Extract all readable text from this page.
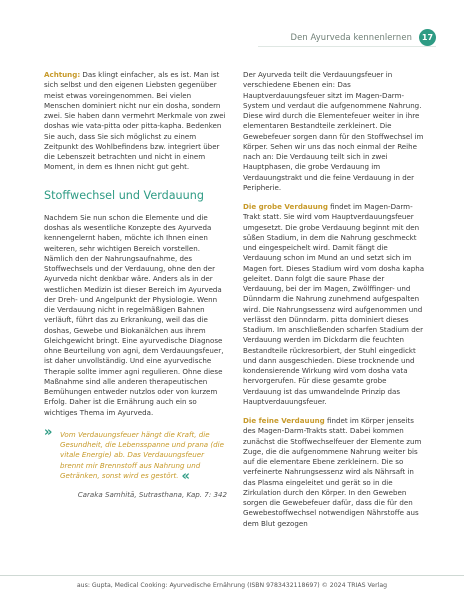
Den Ayurveda kennenlernen	17

Achtung: Das klingt einfacher, als es ist. Man ist sich selbst und den eigenen Liebsten gegenüber meist etwas voreingenommen. Bei vielen Menschen dominiert nicht nur ein dosha, sondern zwei. Sie haben dann vermehrt Merkmale von zwei doshas wie vata-pitta oder pitta-kapha. Bedenken Sie auch, dass Sie sich möglichst zu einem Zeitpunkt des Wohlbefindens bzw. integriert über die Lebenszeit betrachten und nicht in einem Moment, in dem es Ihnen nicht gut geht.

Stoffwechsel und Verdauung

Nachdem Sie nun schon die Elemente und die doshas als wesentliche Konzepte des Ayurveda kennengelernt haben, möchte ich Ihnen einen weiteren, sehr wichtigen Bereich vorstellen. Nämlich den der Nahrungsaufnahme, des Stoffwechsels und der Verdauung, ohne den der Ayurveda nicht denkbar wäre. Anders als in der westlichen Medizin ist dieser Bereich im Ayurveda der Dreh- und Angelpunkt der Physiologie. Wenn die Verdauung nicht in regelmäßigen Bahnen verläuft, führt das zu Erkrankung, weil das die doshas, Gewebe und Biokanälchen aus ihrem Gleichgewicht bringt. Eine ayurvedische Diagnose ohne Beurteilung von agni, dem Verdauungsfeuer, ist daher unvollständig. Und eine ayurvedische Therapie sollte immer agni regulieren. Ohne diese Maßnahme sind alle anderen therapeutischen Bemühungen entweder nutzlos oder von kurzem Erfolg. Daher ist die Ernährung auch ein so wichtiges Thema im Ayurveda.

» Vom Verdauungsfeuer hängt die Kraft, die Gesundheit, die Lebensspanne und prana (die vitale Energie) ab. Das Verdauungsfeuer brennt mir Brennstoff aus Nahrung und Getränken, sonst wird es gestört. «
Caraka Samhitā, Sutrasthana, Kap. 7: 342

Der Ayurveda teilt die Verdauungsfeuer in verschiedene Ebenen ein: Das Hauptverdauungsfeuer sitzt im Magen-Darm-System und verdaut die aufgenommene Nahrung. Diese wird durch die Elementefeuer weiter in ihre elementaren Bestandteile zerkleinert. Die Gewebefeuer sorgen dann für den Stoffwechsel im Körper. Sehen wir uns das noch einmal der Reihe nach an: Die Verdauung teilt sich in zwei Hauptphasen, die grobe Verdauung im Verdauungstrakt und die feine Verdauung in der Peripherie.

Die grobe Verdauung findet im Magen-Darm-Trakt statt. Sie wird vom Hauptverdauungsfeuer umgesetzt. Die grobe Verdauung beginnt mit den süßen Stadium, in dem die Nahrung geschmeckt und eingespeichelt wird. Damit fängt die Verdauung schon im Mund an und setzt sich im Magen fort. Dieses Stadium wird vom dosha kapha geleitet. Dann folgt die saure Phase der Verdauung, bei der im Magen, Zwölffinger- und Dünndarm die Nahrung zunehmend aufgespalten wird. Die Nahrungsessenz wird aufgenommen und verlässt den Dünndarm. pitta dominiert dieses Stadium. Im anschließenden scharfen Stadium der Verdauung werden im Dickdarm die feuchten Bestandteile rückresorbiert, der Stuhl eingedickt und dann ausgeschieden. Diese trocknende und kondensierende Wirkung wird vom dosha vata hervorgerufen. Für diese gesamte grobe Verdauung ist das umwandelnde Prinzip das Hauptverdauungsfeuer.

Die feine Verdauung findet im Körper jenseits des Magen-Darm-Trakts statt. Dabei kommen zunächst die Stoffwechselfeuer der Elemente zum Zuge, die die aufgenommene Nahrung weiter bis auf die elementare Ebene zerkleinern. Die so verfeinerte Nahrungsessenz wird als Nährsaft in das Plasma eingeleitet und gerät so in die Zirkulation durch den Körper. In den Geweben sorgen die Gewebefeuer dafür, dass die für den Gewebestoffwechsel notwendigen Nährstoffe aus dem Blut gezogen

aus: Gupta, Medical Cooking: Ayurvedische Ernährung (ISBN 9783432118697) © 2024 TRIAS Verlag
